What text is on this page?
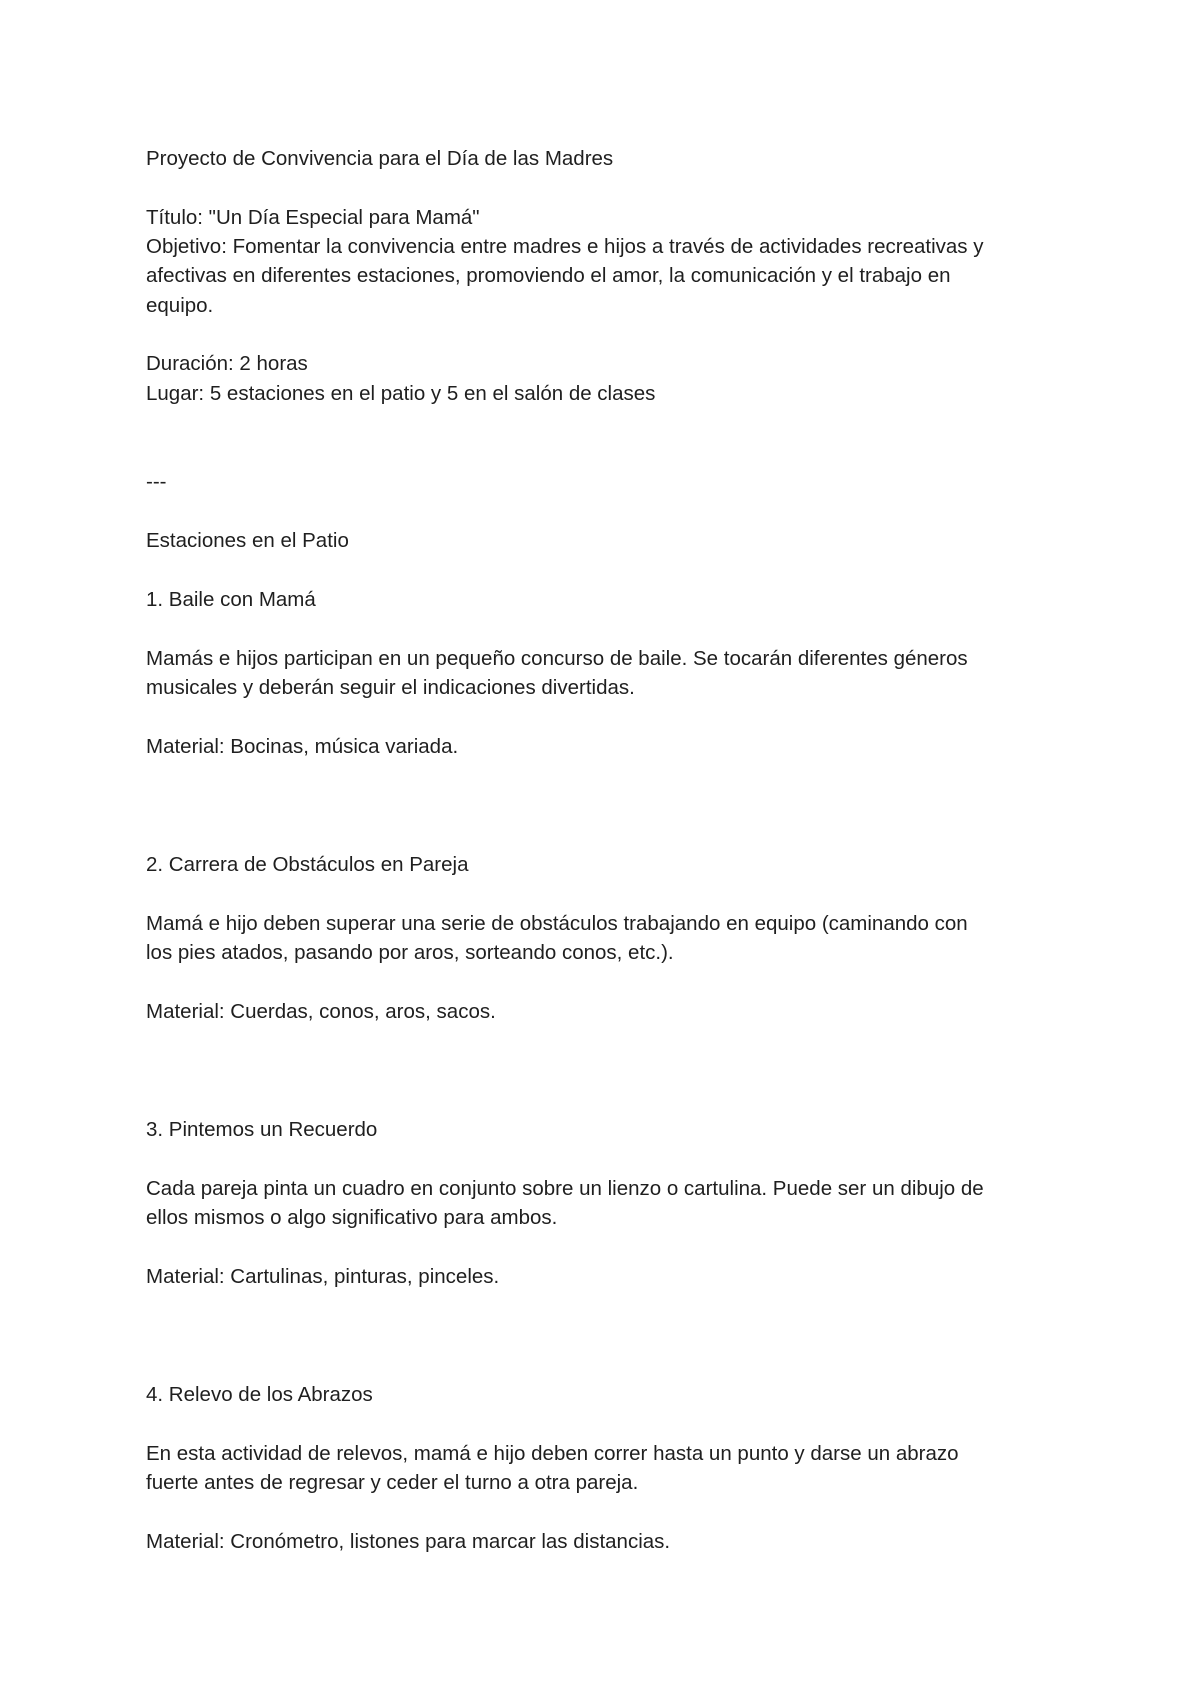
Proyecto de Convivencia para el Día de las Madres
Título: "Un Día Especial para Mamá"
Objetivo: Fomentar la convivencia entre madres e hijos a través de actividades recreativas y
afectivas en diferentes estaciones, promoviendo el amor, la comunicación y el trabajo en
equipo.
Duración: 2 horas
Lugar: 5 estaciones en el patio y 5 en el salón de clases
---
Estaciones en el Patio
1. Baile con Mamá
Mamás e hijos participan en un pequeño concurso de baile. Se tocarán diferentes géneros
musicales y deberán seguir el indicaciones divertidas.
Material: Bocinas, música variada.
2. Carrera de Obstáculos en Pareja
Mamá e hijo deben superar una serie de obstáculos trabajando en equipo (caminando con
los pies atados, pasando por aros, sorteando conos, etc.).
Material: Cuerdas, conos, aros, sacos.
3. Pintemos un Recuerdo
Cada pareja pinta un cuadro en conjunto sobre un lienzo o cartulina. Puede ser un dibujo de
ellos mismos o algo significativo para ambos.
Material: Cartulinas, pinturas, pinceles.
4. Relevo de los Abrazos
En esta actividad de relevos, mamá e hijo deben correr hasta un punto y darse un abrazo
fuerte antes de regresar y ceder el turno a otra pareja.
Material: Cronómetro, listones para marcar las distancias.
